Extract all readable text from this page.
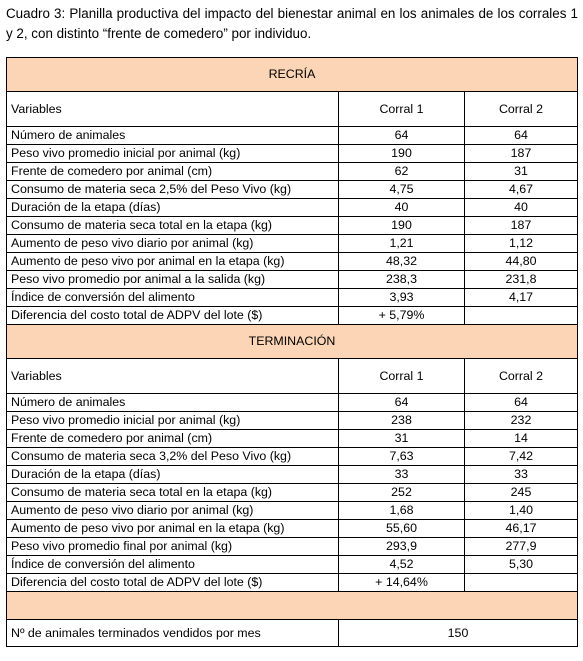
Cuadro 3: Planilla productiva del impacto del bienestar animal en los animales de los corrales 1 y 2, con distinto “frente de comedero” por individuo.
RECRÍA		
Variables	Corral 1	Corral 2
Número de animales	64	64
Peso vivo promedio inicial por animal (kg)	190	187
Frente de comedero por animal (cm)	62	31
Consumo de materia seca 2,5% del Peso Vivo (kg)	4,75	4,67
Duración de la etapa (días)	40	40
Consumo de materia seca total en la etapa (kg)	190	187
Aumento de peso vivo diario por animal (kg)	1,21	1,12
Aumento de peso vivo por animal en la etapa (kg)	48,32	44,80
Peso vivo promedio por animal a la salida (kg)	238,3	231,8
Índice de conversión del alimento	3,93	4,17
Diferencia del costo total de ADPV del lote ($)	+ 5,79%	
TERMINACIÓN		
Variables	Corral 1	Corral 2
Número de animales	64	64
Peso vivo promedio inicial por animal (kg)	238	232
Frente de comedero por animal (cm)	31	14
Consumo de materia seca 3,2% del Peso Vivo (kg)	7,63	7,42
Duración de la etapa (días)	33	33
Consumo de materia seca total en la etapa (kg)	252	245
Aumento de peso vivo diario por animal (kg)	1,68	1,40
Aumento de peso vivo por animal en la etapa (kg)	55,60	46,17
Peso vivo promedio final por animal (kg)	293,9	277,9
Índice de conversión del alimento	4,52	5,30
Diferencia del costo total de ADPV del lote ($)	+ 14,64%	

Nº de animales terminados vendidos por mes	150	
